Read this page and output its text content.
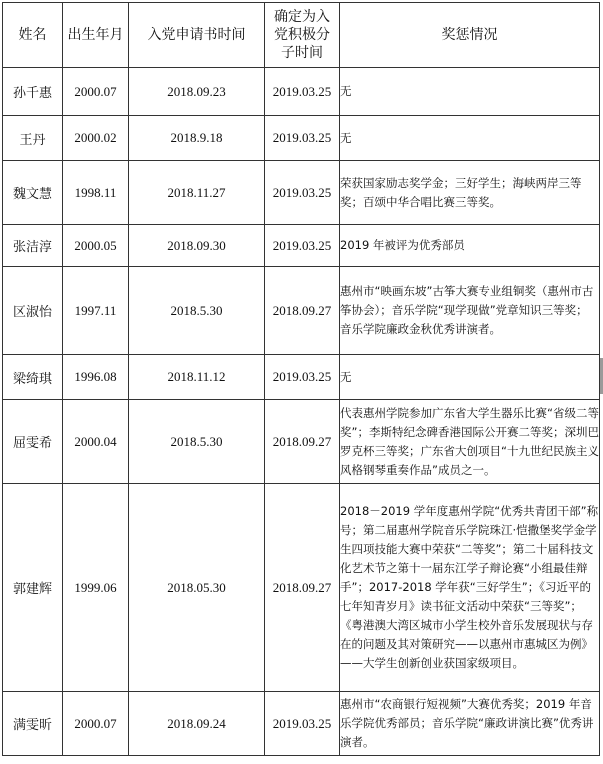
姓名	出生年月	入党申请书时间	确定为入党积极分子时间	奖惩情况
孙千惠	2000.07	2018.09.23	2019.03.25	无
王丹	2000.02	2018.9.18	2019.03.25	无
魏文慧	1998.11	2018.11.27	2019.03.25	荣获国家励志奖学金；三好学生；海峡两岸三等奖；百颂中华合唱比赛三等奖。
张洁淳	2000.05	2018.09.30	2019.03.25	2019 年被评为优秀部员
区淑怡	1997.11	2018.5.30	2018.09.27	惠州市“映画东坡”古筝大赛专业组铜奖（惠州市古筝协会）；音乐学院“现学现做”党章知识三等奖；音乐学院廉政金秋优秀讲演者。
梁绮琪	1996.08	2018.11.12	2019.03.25	无
屈雯希	2000.04	2018.5.30	2018.09.27	代表惠州学院参加广东省大学生器乐比赛“省级二等奖”；李斯特纪念碑香港国际公开赛二等奖；深圳巴罗克杯三等奖；广东省大创项目“十九世纪民族主义风格钢琴重奏作品”成员之一。
郭建辉	1999.06	2018.05.30	2018.09.27	2018－2019 学年度惠州学院“优秀共青团干部”称号；第二届惠州学院音乐学院珠江·恺撒堡奖学金学生四项技能大赛中荣获“二等奖”；第二十届科技文化艺术节之第十一届东江学子辩论赛“小组最佳辩手”；2017-2018 学年获“三好学生”；《习近平的七年知青岁月》读书征文活动中荣获“三等奖”；《粤港澳大湾区城市小学生校外音乐发展现状与存在的问题及其对策研究——以惠州市惠城区为例》——大学生创新创业获国家级项目。
满雯昕	2000.07	2018.09.24	2019.03.25	惠州市“农商银行短视频”大赛优秀奖；2019 年音乐学院优秀部员；音乐学院“廉政讲演比赛”优秀讲演者。
